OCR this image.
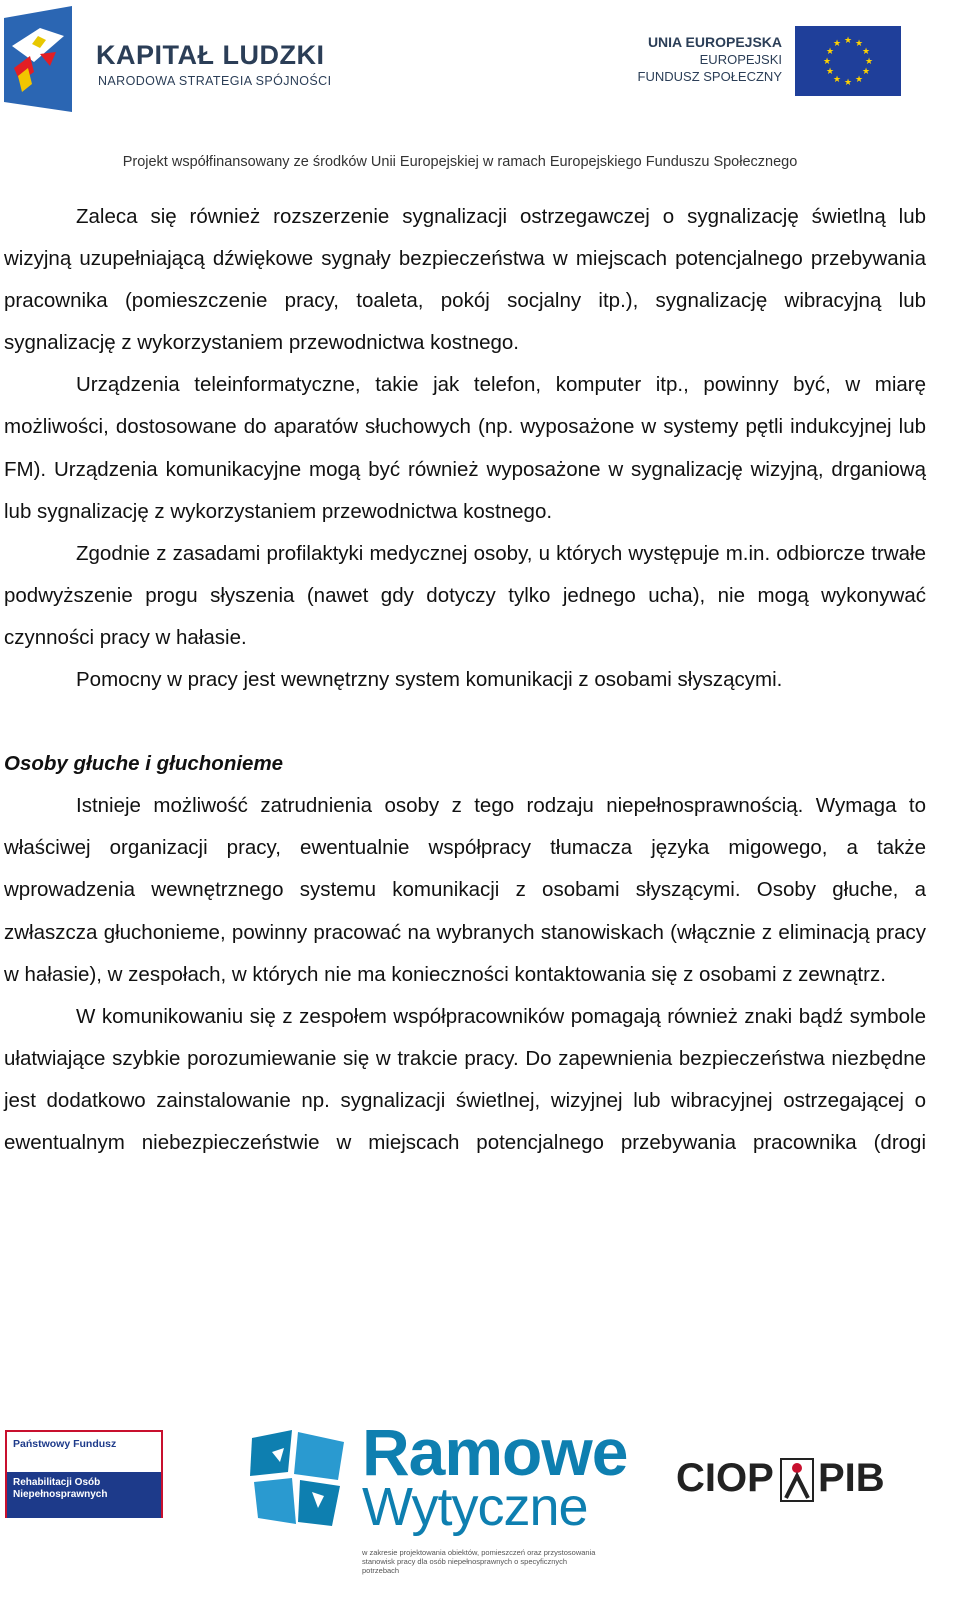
KAPITAŁ LUDZKI
NARODOWA STRATEGIA SPÓJNOŚCI
UNIA EUROPEJSKA
EUROPEJSKI
FUNDUSZ SPOŁECZNY
★ ★
★
★
★
★
★
★
★
★
★
★
Projekt współfinansowany ze środków Unii Europejskiej w ramach Europejskiego Funduszu Społecznego

Zaleca się również rozszerzenie sygnalizacji ostrzegawczej o sygnalizację świetlną lub wizyjną uzupełniającą dźwiękowe sygnały bezpieczeństwa w miejscach potencjalnego przebywania pracownika (pomieszczenie pracy, toaleta, pokój socjalny itp.), sygnalizację wibracyjną lub sygnalizację z wykorzystaniem przewodnictwa kostnego.

Urządzenia teleinformatyczne, takie jak telefon, komputer itp., powinny być, w miarę możliwości, dostosowane do aparatów słuchowych (np. wyposażone w systemy pętli indukcyjnej lub FM). Urządzenia komunikacyjne mogą być również wyposażone w sygnalizację wizyjną, drganiową lub sygnalizację z wykorzystaniem przewodnictwa kostnego.

Zgodnie z zasadami profilaktyki medycznej osoby, u których występuje m.in. odbiorcze trwałe podwyższenie progu słyszenia (nawet gdy dotyczy tylko jednego ucha), nie mogą wykonywać czynności pracy w hałasie.

Pomocny w pracy jest wewnętrzny system komunikacji z osobami słyszącymi.

Osoby głuche i głuchonieme

Istnieje możliwość zatrudnienia osoby z tego rodzaju niepełnosprawnością. Wymaga to właściwej organizacji pracy, ewentualnie współpracy tłumacza języka migowego, a także wprowadzenia wewnętrznego systemu komunikacji z osobami słyszącymi. Osoby głuche, a zwłaszcza głuchonieme, powinny pracować na wybranych stanowiskach (włącznie z eliminacją pracy w hałasie), w zespołach, w których nie ma konieczności kontaktowania się z osobami z zewnątrz.

W komunikowaniu się z zespołem współpracowników pomagają również znaki bądź symbole ułatwiające szybkie porozumiewanie się w trakcie pracy. Do zapewnienia bezpieczeństwa niezbędne jest dodatkowo zainstalowanie np. sygnalizacji świetlnej, wizyjnej lub wibracyjnej ostrzegającej o ewentualnym niebezpieczeństwie w miejscach potencjalnego przebywania pracownika (drogi

Państwowy Fundusz
Rehabilitacji Osób
Niepełnosprawnych
Ramowe
Wytyczne
w zakresie projektowania obiektów, pomieszczeń oraz przystosowania stanowisk pracy dla osób niepełnosprawnych o specyficznych potrzebach
CIOP PIB
